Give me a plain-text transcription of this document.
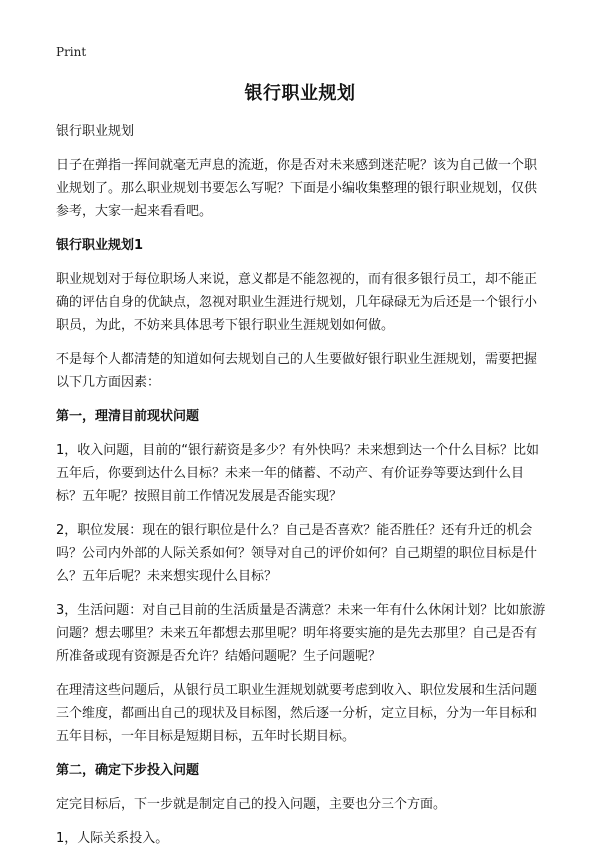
Print
银行职业规划

银行职业规划

日子在弹指一挥间就毫无声息的流逝，你是否对未来感到迷茫呢？该为自己做一个职业规划了。那么职业规划书要怎么写呢？下面是小编收集整理的银行职业规划，仅供参考，大家一起来看看吧。

银行职业规划1

职业规划对于每位职场人来说，意义都是不能忽视的，而有很多银行员工，却不能正确的评估自身的优缺点，忽视对职业生涯进行规划，几年碌碌无为后还是一个银行小职员，为此，不妨来具体思考下银行职业生涯规划如何做。

不是每个人都清楚的知道如何去规划自己的人生要做好银行职业生涯规划，需要把握以下几方面因素：

第一，理清目前现状问题

1，收入问题，目前的“银行薪资是多少？有外快吗？未来想到达一个什么目标？比如五年后，你要到达什么目标？未来一年的储蓄、不动产、有价证券等要达到什么目标？五年呢？按照目前工作情况发展是否能实现？

2，职位发展：现在的银行职位是什么？自己是否喜欢？能否胜任？还有升迁的机会吗？公司内外部的人际关系如何？领导对自己的评价如何？自己期望的职位目标是什么？五年后呢？未来想实现什么目标？

3，生活问题：对自己目前的生活质量是否满意？未来一年有什么休闲计划？比如旅游问题？想去哪里？未来五年都想去那里呢？明年将要实施的是先去那里？自己是否有所准备或现有资源是否允许？结婚问题呢？生子问题呢？

在理清这些问题后，从银行员工职业生涯规划就要考虑到收入、职位发展和生活问题三个维度，都画出自己的现状及目标图，然后逐一分析，定立目标，分为一年目标和五年目标，一年目标是短期目标，五年时长期目标。

第二，确定下步投入问题

定完目标后，下一步就是制定自己的投入问题，主要也分三个方面。

1，人际关系投入。
